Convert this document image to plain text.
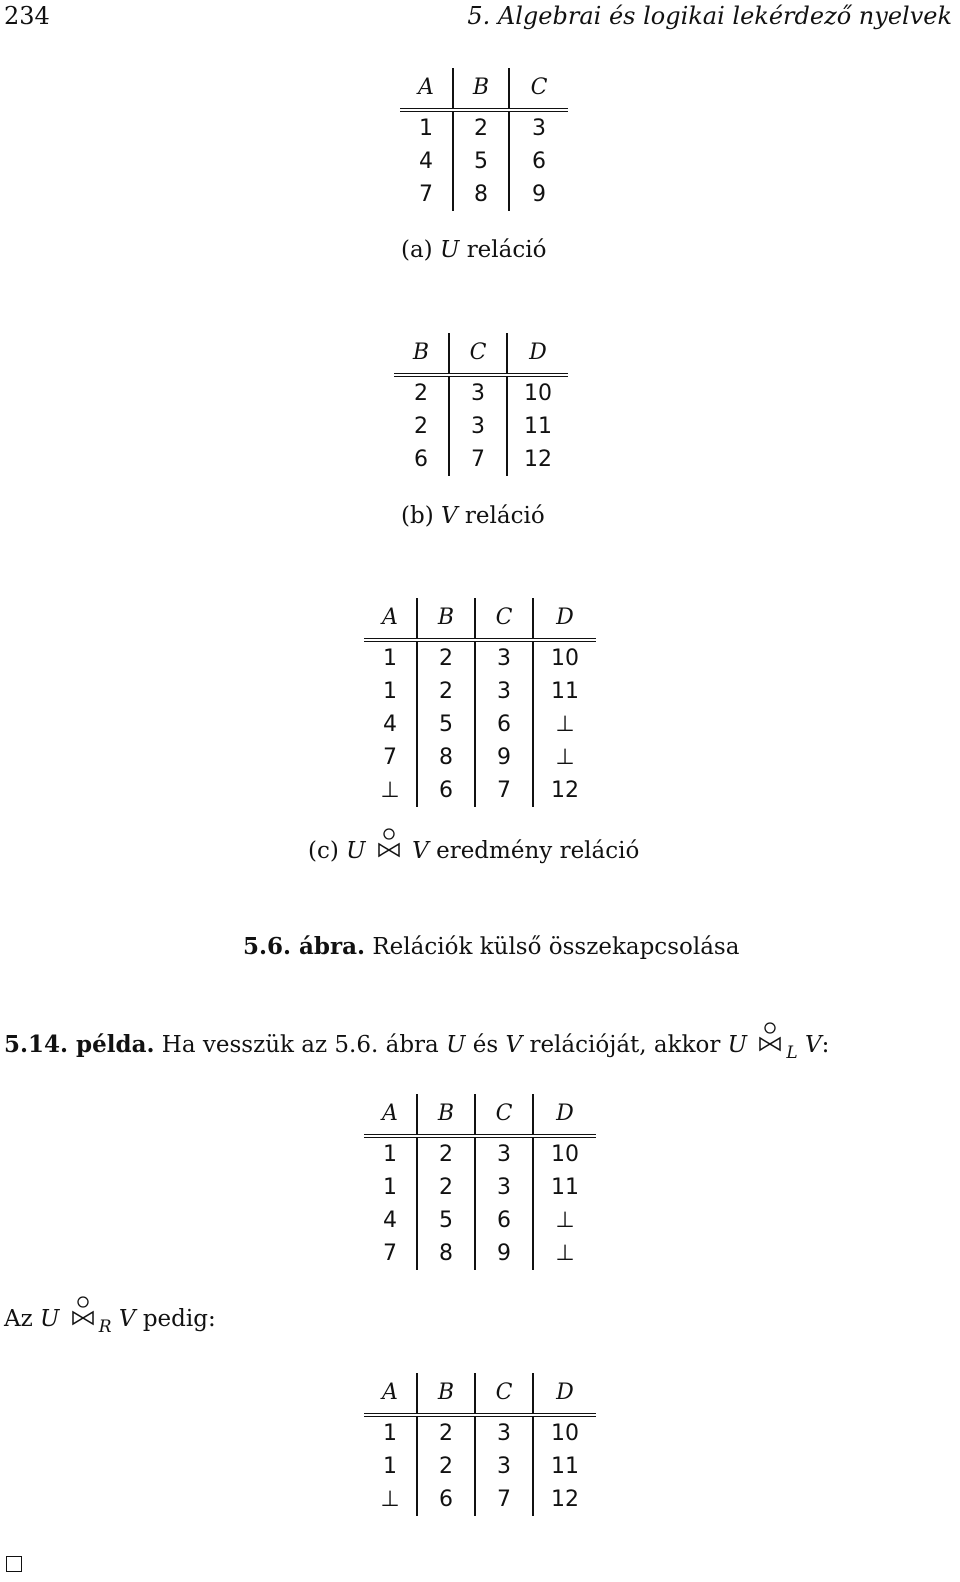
234	5. Algebrai és logikai lekérdező nyelvek
A	B	C
1	2	3
4	5	6
7	8	9
(a) U reláció
B	C	D
2	3	10
2	3	11
6	7	12
(b) V reláció
A	B	C	D
1	2	3	10
1	2	3	11
4	5	6	⊥
7	8	9	⊥
⊥	6	7	12
(c) U V eredmény reláció
5.6. ábra. Relációk külső összekapcsolása
5.14. példa. Ha vesszük az 5.6. ábra U és V relációját, akkor U $_L$ V:
A	B	C	D
1	2	3	10
1	2	3	11
4	5	6	⊥
7	8	9	⊥
Az U $_R$ V pedig:
A	B	C	D
1	2	3	10
1	2	3	11
⊥	6	7	12
